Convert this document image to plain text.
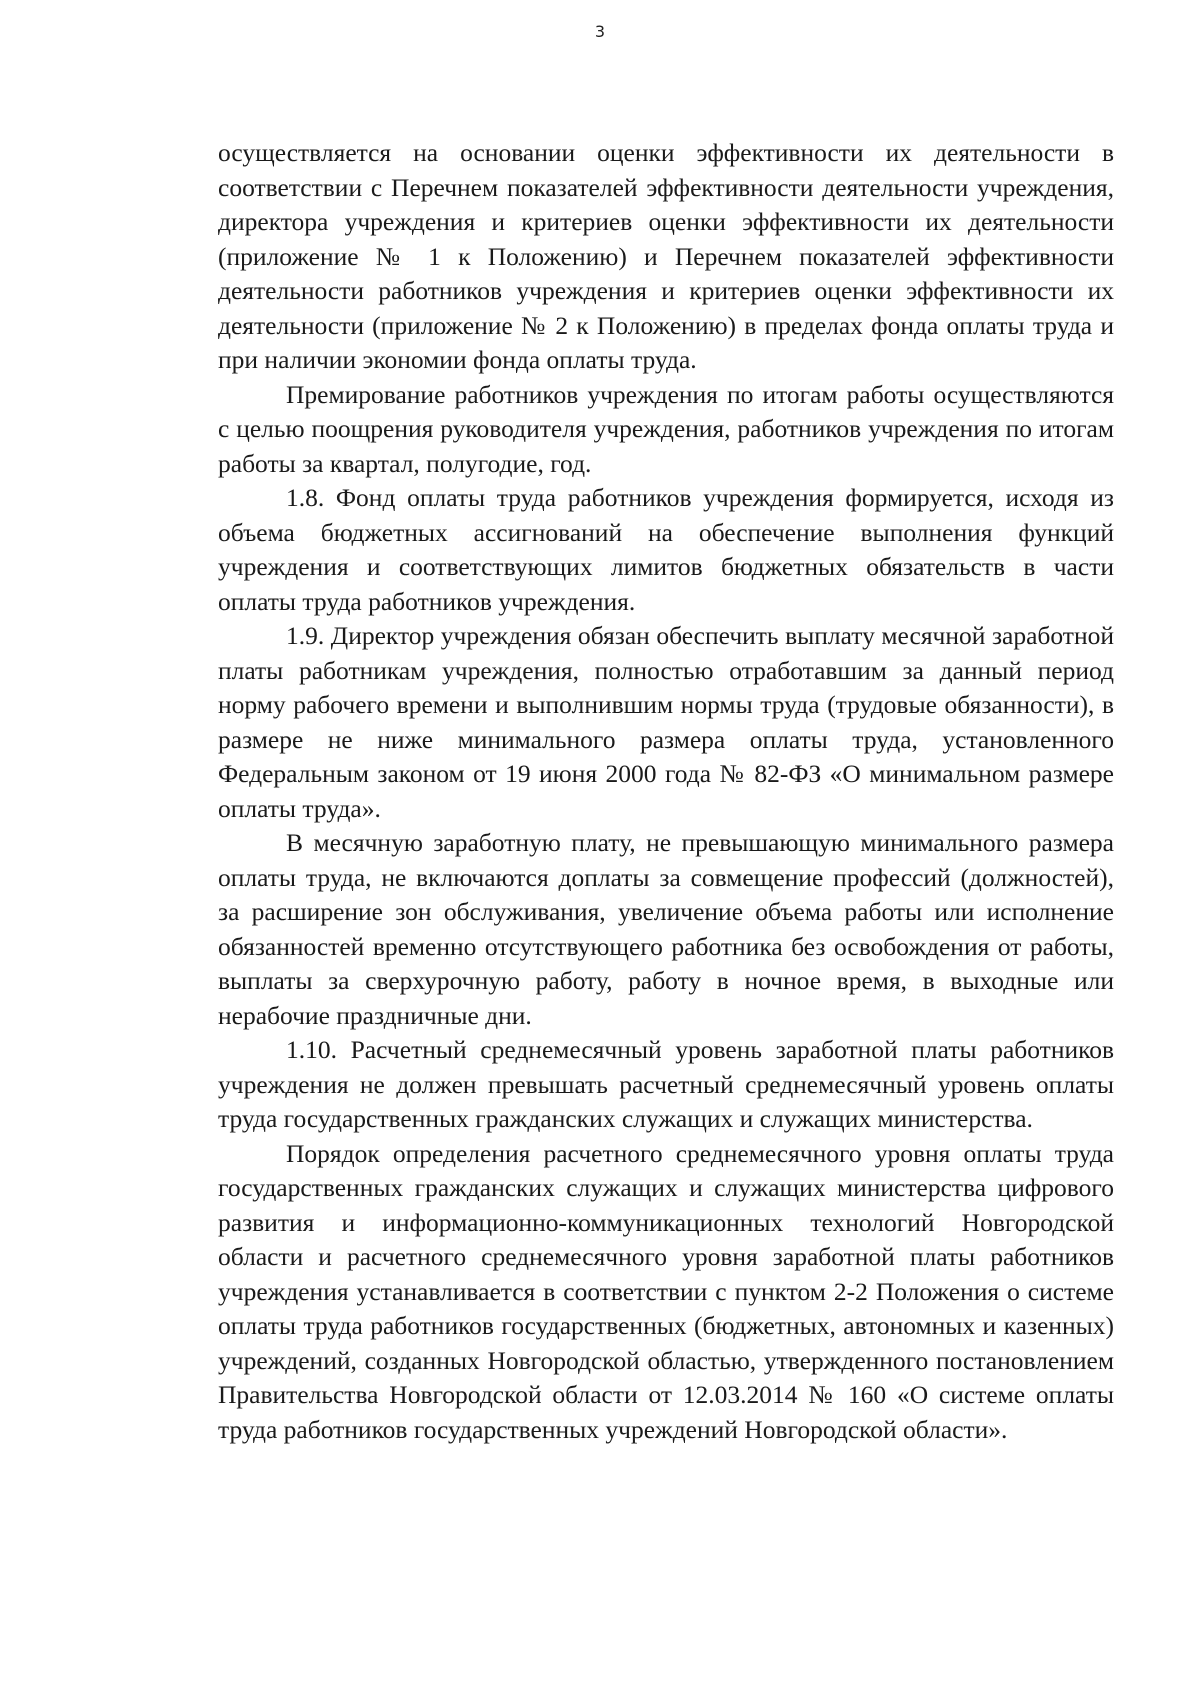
3

осуществляется на основании оценки эффективности их деятельности в соответствии с Перечнем показателей эффективности деятельности учреждения, директора учреждения и критериев оценки эффективности их деятельности (приложение № 1 к Положению) и Перечнем показателей эффективности деятельности работников учреждения и критериев оценки эффективности их деятельности (приложение № 2 к Положению) в пределах фонда оплаты труда и при наличии экономии фонда оплаты труда.

Премирование работников учреждения по итогам работы осуществляются с целью поощрения руководителя учреждения, работников учреждения по итогам работы за квартал, полугодие, год.

1.8. Фонд оплаты труда работников учреждения формируется, исходя из объема бюджетных ассигнований на обеспечение выполнения функций учреждения и соответствующих лимитов бюджетных обязательств в части оплаты труда работников учреждения.

1.9. Директор учреждения обязан обеспечить выплату месячной заработной платы работникам учреждения, полностью отработавшим за данный период норму рабочего времени и выполнившим нормы труда (трудовые обязанности), в размере не ниже минимального размера оплаты труда, установленного Федеральным законом от 19 июня 2000 года № 82-ФЗ «О минимальном размере оплаты труда».

В месячную заработную плату, не превышающую минимального размера оплаты труда, не включаются доплаты за совмещение профессий (должностей), за расширение зон обслуживания, увеличение объема работы или исполнение обязанностей временно отсутствующего работника без освобождения от работы, выплаты за сверхурочную работу, работу в ночное время, в выходные или нерабочие праздничные дни.

1.10. Расчетный среднемесячный уровень заработной платы работников учреждения не должен превышать расчетный среднемесячный уровень оплаты труда государственных гражданских служащих и служащих министерства.

Порядок определения расчетного среднемесячного уровня оплаты труда государственных гражданских служащих и служащих министерства цифрового развития и информационно-коммуникационных технологий Новгородской области и расчетного среднемесячного уровня заработной платы работников учреждения устанавливается в соответствии с пунктом 2-2 Положения о системе оплаты труда работников государственных (бюджетных, автономных и казенных) учреждений, созданных Новгородской областью, утвержденного постановлением Правительства Новгородской области от 12.03.2014 № 160 «О системе оплаты труда работников государственных учреждений Новгородской области».
